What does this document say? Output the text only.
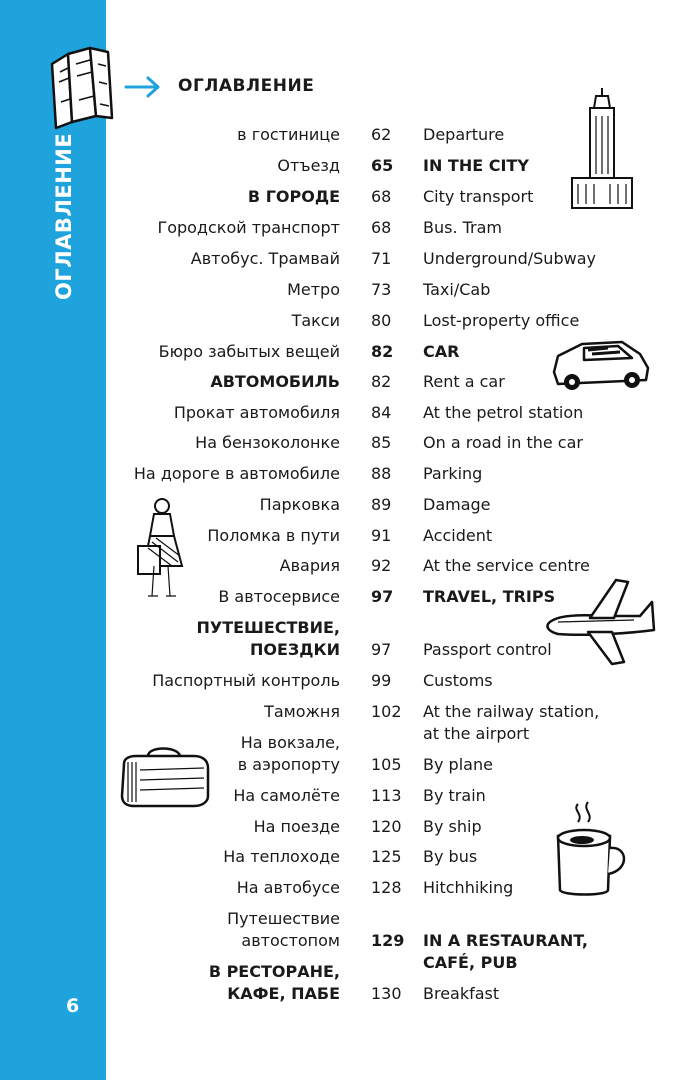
ОГЛАВЛЕНИЕ
6
ОГЛАВЛЕНИЕ
в гостинице
Отъезд
В ГОРОДЕ
Городской транспорт
Автобус. Трамвай
Метро
Такси
Бюро забытых вещей
АВТОМОБИЛЬ
Прокат автомобиля
На бензоколонке
На дороге в автомобиле
Парковка
Поломка в пути
Авария
В автосервисе
ПУТЕШЕСТВИЕ,
ПОЕЗДКИ
Паспортный контроль
Таможня
На вокзале,
в аэропорту
На самолёте
На поезде
На теплоходе
На автобусе
Путешествие
автостопом
В РЕСТОРАНЕ,
КАФЕ, ПАБЕ
62
65
68
68
71
73
80
82
82
84
85
88
89
91
92
97
97
99
102
105
113
120
125
128
129
130
Departure
IN THE CITY
City transport
Bus. Tram
Underground/Subway
Taxi/Cab
Lost-property office
CAR
Rent a car
At the petrol station
On a road in the car
Parking
Damage
Accident
At the service centre
TRAVEL, TRIPS
Passport control
Customs
At the railway station,
at the airport
By plane
By train
By ship
By bus
Hitchhiking
IN A RESTAURANT,
CAFÉ, PUB
Breakfast
